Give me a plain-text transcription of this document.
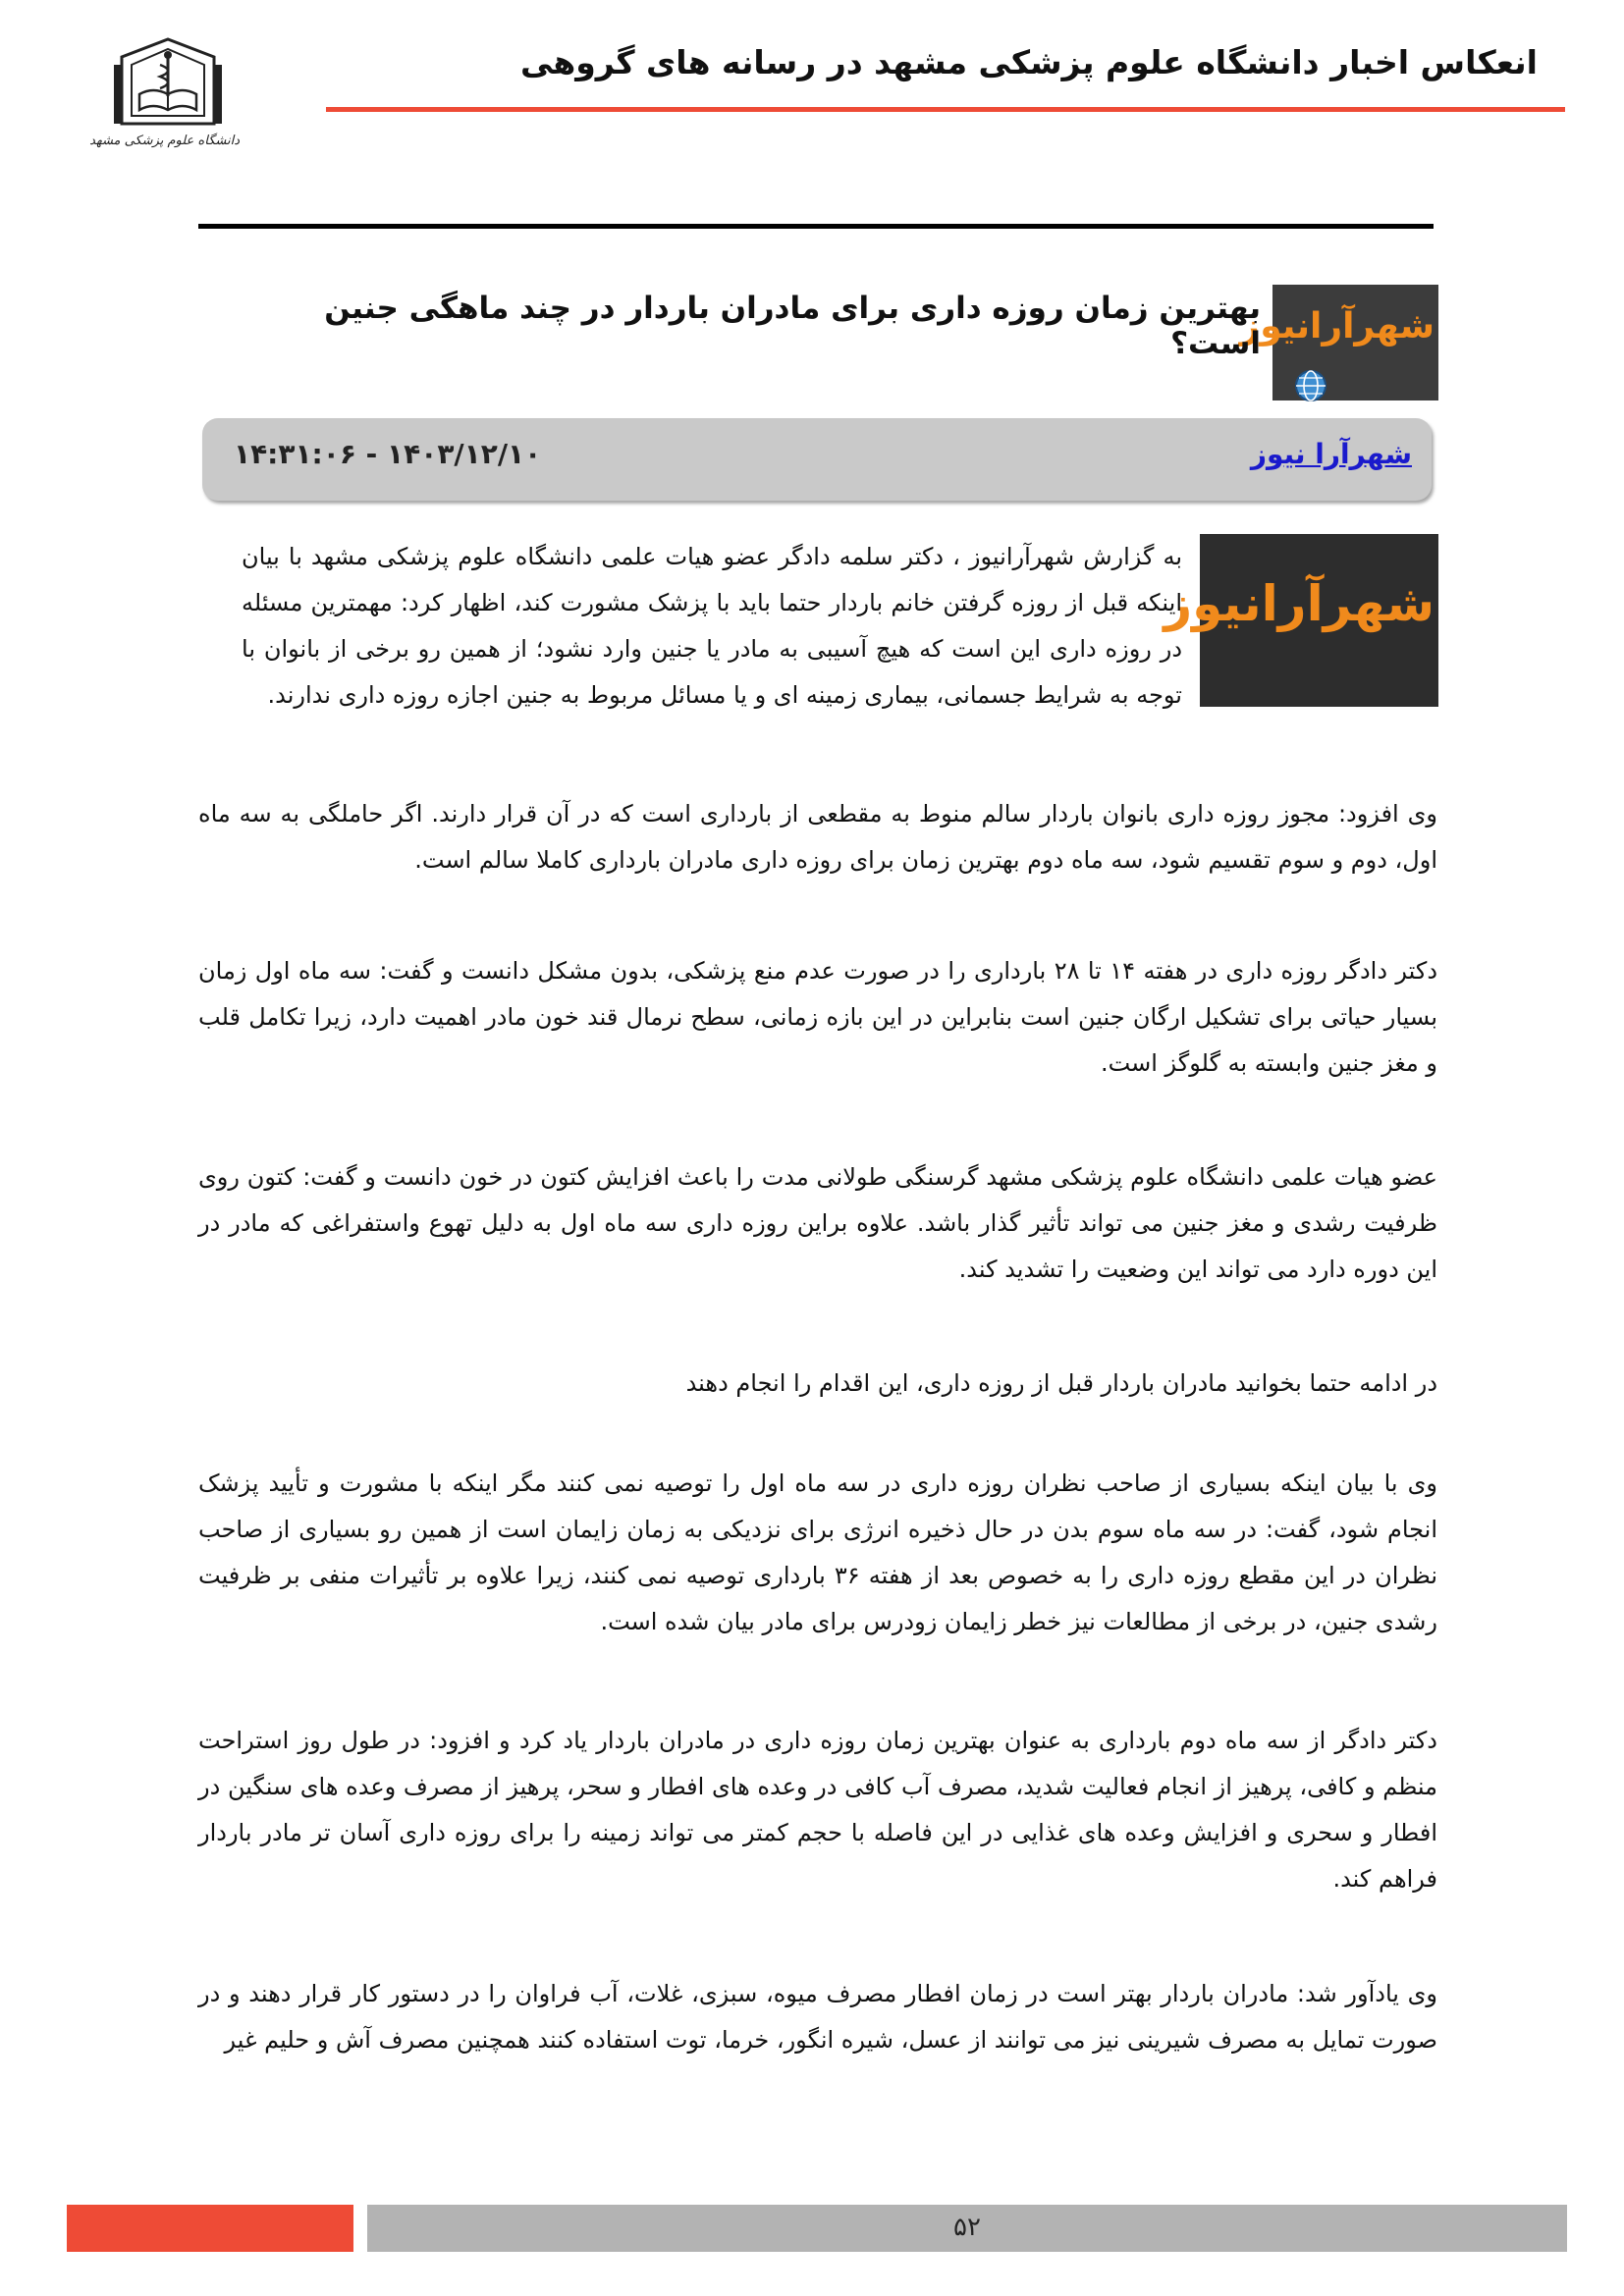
انعکاس اخبار دانشگاه علوم پزشکی مشهد در رسانه های گروهی
دانشگاه علوم پزشکی مشهد
شهرآرانیوز
بهترین زمان روزه داری برای مادران باردار در چند ماهگی جنین است؟
شهرآرا نیوز
۱۴:۳۱:۰۶ - ۱۴۰۳/۱۲/۱۰
شهرآرانیوز

به گزارش شهرآرانیوز ، دکتر سلمه دادگر عضو هیات علمی دانشگاه علوم پزشکی مشهد با بیان اینکه قبل از روزه گرفتن خانم باردار حتما باید با پزشک مشورت کند، اظهار کرد: مهمترین مسئله در روزه داری این است که هیچ آسیبی به مادر یا جنین وارد نشود؛ از همین رو برخی از بانوان با توجه به شرایط جسمانی، بیماری زمینه ای و یا مسائل مربوط به جنین اجازه روزه داری ندارند.

وی افزود: مجوز روزه داری بانوان باردار سالم منوط به مقطعی از بارداری است که در آن قرار دارند. اگر حاملگی به سه ماه اول، دوم و سوم تقسیم شود، سه ماه دوم بهترین زمان برای روزه داری مادران بارداری کاملا سالم است.

دکتر دادگر روزه داری در هفته ۱۴ تا ۲۸ بارداری را در صورت عدم منع پزشکی، بدون مشکل دانست و گفت: سه ماه اول زمان بسیار حیاتی برای تشکیل ارگان جنین است بنابراین در این بازه زمانی، سطح نرمال قند خون مادر اهمیت دارد، زیرا تکامل قلب و مغز جنین وابسته به گلوگز است.

عضو هیات علمی دانشگاه علوم پزشکی مشهد گرسنگی طولانی مدت را باعث افزایش کتون در خون دانست و گفت: کتون روی ظرفیت رشدی و مغز جنین می تواند تأثیر گذار باشد. علاوه براین روزه داری سه ماه اول به دلیل تهوع واستفراغی که مادر در این دوره دارد می تواند این وضعیت را تشدید کند.

در ادامه حتما بخوانید مادران باردار قبل از روزه داری، این اقدام را انجام دهند

وی با بیان اینکه بسیاری از صاحب نظران روزه داری در سه ماه اول را توصیه نمی کنند مگر اینکه با مشورت و تأیید پزشک انجام شود، گفت: در سه ماه سوم بدن در حال ذخیره انرژی برای نزدیکی به زمان زایمان است از همین رو بسیاری از صاحب نظران در این مقطع روزه داری را به خصوص بعد از هفته ۳۶ بارداری توصیه نمی کنند، زیرا علاوه بر تأثیرات منفی بر ظرفیت رشدی جنین، در برخی از مطالعات نیز خطر زایمان زودرس برای مادر بیان شده است.

دکتر دادگر از سه ماه دوم بارداری به عنوان بهترین زمان روزه داری در مادران باردار یاد کرد و افزود: در طول روز استراحت منظم و کافی، پرهیز از انجام فعالیت شدید، مصرف آب کافی در وعده های افطار و سحر، پرهیز از مصرف وعده های سنگین در افطار و سحری و افزایش وعده های غذایی در این فاصله با حجم کمتر می تواند زمینه را برای روزه داری آسان تر مادر باردار فراهم کند.

وی یادآور شد: مادران باردار بهتر است در زمان افطار مصرف میوه، سبزی، غلات، آب فراوان را در دستور کار قرار دهند و در صورت تمایل به مصرف شیرینی نیز می توانند از عسل، شیره انگور، خرما، توت استفاده کنند همچنین مصرف آش و حلیم غیر

۵۲
